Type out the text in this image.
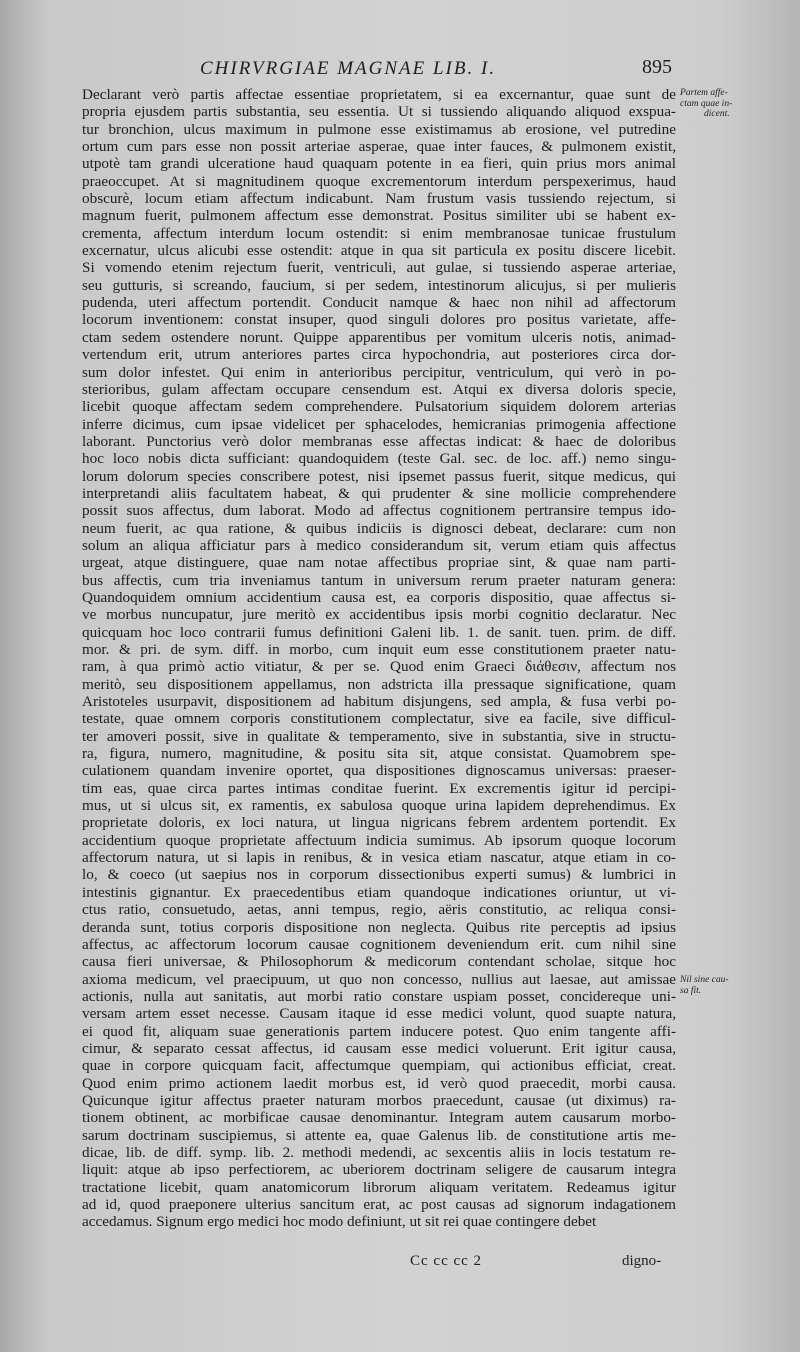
CHIRVRGIAE MAGNAE LIB. I.	895
Partem affe-
ctam quae in-
dicent.
Nil sine cau-
sa fit.
Declarant verò partis affectae essentiae proprietatem, si ea excernantur, quae sunt de
propria ejusdem partis substantia, seu essentia. Ut si tussiendo aliquando aliquod exspua-
tur bronchion, ulcus maximum in pulmone esse existimamus ab erosione, vel putredine
ortum cum pars esse non possit arteriae asperae, quae inter fauces, & pulmonem existit,
utpotè tam grandi ulceratione haud quaquam potente in ea fieri, quin prius mors animal
praeoccupet. At si magnitudinem quoque excrementorum interdum perspexerimus, haud
obscurè, locum etiam affectum indicabunt. Nam frustum vasis tussiendo rejectum, si
magnum fuerit, pulmonem affectum esse demonstrat. Positus similiter ubi se habent ex-
crementa, affectum interdum locum ostendit: si enim membranosae tunicae frustulum
excernatur, ulcus alicubi esse ostendit: atque in qua sit particula ex positu discere licebit.
Si vomendo etenim rejectum fuerit, ventriculi, aut gulae, si tussiendo asperae arteriae,
seu gutturis, si screando, faucium, si per sedem, intestinorum alicujus, si per mulieris
pudenda, uteri affectum portendit. Conducit namque & haec non nihil ad affectorum
locorum inventionem: constat insuper, quod singuli dolores pro positus varietate, affe-
ctam sedem ostendere norunt. Quippe apparentibus per vomitum ulceris notis, animad-
vertendum erit, utrum anteriores partes circa hypochondria, aut posteriores circa dor-
sum dolor infestet. Qui enim in anterioribus percipitur, ventriculum, qui verò in po-
sterioribus, gulam affectam occupare censendum est. Atqui ex diversa doloris specie,
licebit quoque affectam sedem comprehendere. Pulsatorium siquidem dolorem arterias
inferre dicimus, cum ipsae videlicet per sphacelodes, hemicranias primogenia affectione
laborant. Punctorius verò dolor membranas esse affectas indicat: & haec de doloribus
hoc loco nobis dicta sufficiant: quandoquidem (teste Gal. sec. de loc. aff.) nemo singu-
lorum dolorum species conscribere potest, nisi ipsemet passus fuerit, sitque medicus, qui
interpretandi aliis facultatem habeat, & qui prudenter & sine mollicie comprehendere
possit suos affectus, dum laborat. Modo ad affectus cognitionem pertransire tempus ido-
neum fuerit, ac qua ratione, & quibus indiciis is dignosci debeat, declarare: cum non
solum an aliqua afficiatur pars à medico considerandum sit, verum etiam quis affectus
urgeat, atque distinguere, quae nam notae affectibus propriae sint, & quae nam parti-
bus affectis, cum tria inveniamus tantum in universum rerum praeter naturam genera:
Quandoquidem omnium accidentium causa est, ea corporis dispositio, quae affectus si-
ve morbus nuncupatur, jure meritò ex accidentibus ipsis morbi cognitio declaratur. Nec
quicquam hoc loco contrarii fumus definitioni Galeni lib. 1. de sanit. tuen. prim. de diff.
mor. & pri. de sym. diff. in morbo, cum inquit eum esse constitutionem praeter natu-
ram, à qua primò actio vitiatur, & per se. Quod enim Graeci διάθεσιν, affectum nos
meritò, seu dispositionem appellamus, non adstricta illa pressaque significatione, quam
Aristoteles usurpavit, dispositionem ad habitum disjungens, sed ampla, & fusa verbi po-
testate, quae omnem corporis constitutionem complectatur, sive ea facile, sive difficul-
ter amoveri possit, sive in qualitate & temperamento, sive in substantia, sive in structu-
ra, figura, numero, magnitudine, & positu sita sit, atque consistat. Quamobrem spe-
culationem quandam invenire oportet, qua dispositiones dignoscamus universas: praeser-
tim eas, quae circa partes intimas conditae fuerint. Ex excrementis igitur id percipi-
mus, ut si ulcus sit, ex ramentis, ex sabulosa quoque urina lapidem deprehendimus. Ex
proprietate doloris, ex loci natura, ut lingua nigricans febrem ardentem portendit. Ex
accidentium quoque proprietate affectuum indicia sumimus. Ab ipsorum quoque locorum
affectorum natura, ut si lapis in renibus, & in vesica etiam nascatur, atque etiam in co-
lo, & coeco (ut saepius nos in corporum dissectionibus experti sumus) & lumbrici in
intestinis gignantur. Ex praecedentibus etiam quandoque indicationes oriuntur, ut vi-
ctus ratio, consuetudo, aetas, anni tempus, regio, aëris constitutio, ac reliqua consi-
deranda sunt, totius corporis dispositione non neglecta. Quibus rite perceptis ad ipsius
affectus, ac affectorum locorum causae cognitionem deveniendum erit. cum nihil sine
causa fieri universae, & Philosophorum & medicorum contendant scholae, sitque hoc
axioma medicum, vel praecipuum, ut quo non concesso, nullius aut laesae, aut amissae
actionis, nulla aut sanitatis, aut morbi ratio constare uspiam posset, concidereque uni-
versam artem esset necesse. Causam itaque id esse medici volunt, quod suapte natura,
ei quod fit, aliquam suae generationis partem inducere potest. Quo enim tangente affi-
cimur, & separato cessat affectus, id causam esse medici voluerunt. Erit igitur causa,
quae in corpore quicquam facit, affectumque quempiam, qui actionibus efficiat, creat.
Quod enim primo actionem laedit morbus est, id verò quod praecedit, morbi causa.
Quicunque igitur affectus praeter naturam morbos praecedunt, causae (ut diximus) ra-
tionem obtinent, ac morbificae causae denominantur. Integram autem causarum morbo-
sarum doctrinam suscipiemus, si attente ea, quae Galenus lib. de constitutione artis me-
dicae, lib. de diff. symp. lib. 2. methodi medendi, ac sexcentis aliis in locis testatum re-
liquit: atque ab ipso perfectiorem, ac uberiorem doctrinam seligere de causarum integra
tractatione licebit, quam anatomicorum librorum aliquam veritatem. Redeamus igitur
ad id, quod praeponere ulterius sancitum erat, ac post causas ad signorum indagationem
accedamus. Signum ergo medici hoc modo definiunt, ut sit rei quae contingere debet
Cc cc cc 2	digno-
